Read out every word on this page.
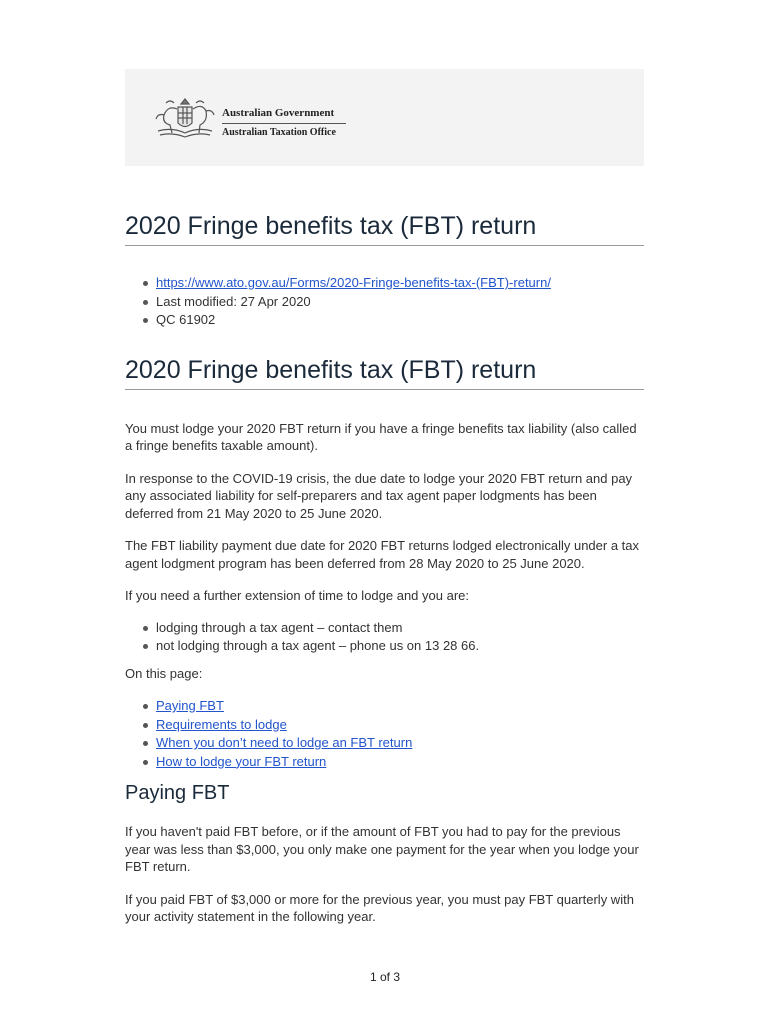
Australian Government
Australian Taxation Office
2020 Fringe benefits tax (FBT) return
https://www.ato.gov.au/Forms/2020-Fringe-benefits-tax-(FBT)-return/
Last modified: 27 Apr 2020
QC 61902
2020 Fringe benefits tax (FBT) return

You must lodge your 2020 FBT return if you have a fringe benefits tax liability (also called a fringe benefits taxable amount).

In response to the COVID-19 crisis, the due date to lodge your 2020 FBT return and pay any associated liability for self-preparers and tax agent paper lodgments has been deferred from 21 May 2020 to 25 June 2020.

The FBT liability payment due date for 2020 FBT returns lodged electronically under a tax agent lodgment program has been deferred from 28 May 2020 to 25 June 2020.

If you need a further extension of time to lodge and you are:

lodging through a tax agent – contact them
not lodging through a tax agent – phone us on 13 28 66.

On this page:

Paying FBT
Requirements to lodge
When you don’t need to lodge an FBT return
How to lodge your FBT return
Paying FBT

If you haven't paid FBT before, or if the amount of FBT you had to pay for the previous year was less than $3,000, you only make one payment for the year when you lodge your FBT return.

If you paid FBT of $3,000 or more for the previous year, you must pay FBT quarterly with your activity statement in the following year.

1 of 3
